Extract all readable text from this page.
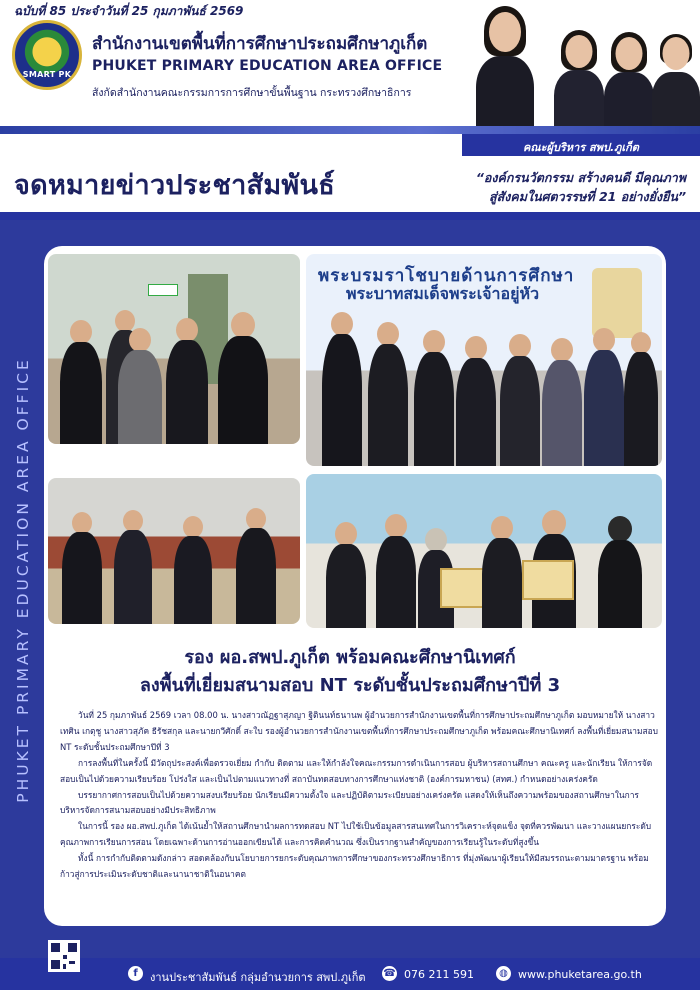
SMART PK
สำนักงานเขตพื้นที่การศึกษาประถมศึกษาภูเก็ต
PHUKET PRIMARY EDUCATION AREA OFFICE
สังกัดสำนักงานคณะกรรมการการศึกษาขั้นพื้นฐาน กระทรวงศึกษาธิการ
ฉบับที่ 85 ประจำวันที่ 25 กุมภาพันธ์ 2569
คณะผู้บริหาร สพป.ภูเก็ต
จดหมายข่าวประชาสัมพันธ์	“องค์กรนวัตกรรม สร้างคนดี มีคุณภาพ
สู่สังคมในศตวรรษที่ 21 อย่างยั่งยืน”
PHUKET PRIMARY EDUCATION AREA OFFICE
พระบรมราโชบายด้านการศึกษา
พระบาทสมเด็จพระเจ้าอยู่หัว
รอง ผอ.สพป.ภูเก็ต พร้อมคณะศึกษานิเทศก์
ลงพื้นที่เยี่ยมสนามสอบ NT ระดับชั้นประถมศึกษาปีที่ 3

วันที่ 25 กุมภาพันธ์ 2569 เวลา 08.00 น. นางสาวณัฏฐาสุภญา ฐิตินนท์ธนานพ ผู้อำนวยการสำนักงานเขตพื้นที่การศึกษาประถมศึกษาภูเก็ต มอบหมายให้ นางสาวเทศิน เกตุชู นางสาวสุภัค ธีรัชสกุล และนายกวีศักดิ์ สะใบ รองผู้อำนวยการสำนักงานเขตพื้นที่การศึกษาประถมศึกษาภูเก็ต พร้อมคณะศึกษานิเทศก์ ลงพื้นที่เยี่ยมสนามสอบ NT ระดับชั้นประถมศึกษาปีที่ 3

การลงพื้นที่ในครั้งนี้ มีวัตถุประสงค์เพื่อตรวจเยี่ยม กำกับ ติดตาม และให้กำลังใจคณะกรรมการดำเนินการสอบ ผู้บริหารสถานศึกษา คณะครู และนักเรียน ให้การจัดสอบเป็นไปด้วยความเรียบร้อย โปร่งใส และเป็นไปตามแนวทางที่ สถาบันทดสอบทางการศึกษาแห่งชาติ (องค์การมหาชน) (สทศ.) กำหนดอย่างเคร่งครัด

บรรยากาศการสอบเป็นไปด้วยความสงบเรียบร้อย นักเรียนมีความตั้งใจ และปฏิบัติตามระเบียบอย่างเคร่งครัด แสดงให้เห็นถึงความพร้อมของสถานศึกษาในการบริหารจัดการสนามสอบอย่างมีประสิทธิภาพ

ในการนี้ รอง ผอ.สพป.ภูเก็ต ได้เน้นย้ำให้สถานศึกษานำผลการทดสอบ NT ไปใช้เป็นข้อมูลสารสนเทศในการวิเคราะห์จุดแข็ง จุดที่ควรพัฒนา และวางแผนยกระดับคุณภาพการเรียนการสอน โดยเฉพาะด้านการอ่านออกเขียนได้ และการคิดคำนวณ ซึ่งเป็นรากฐานสำคัญของการเรียนรู้ในระดับที่สูงขึ้น

ทั้งนี้ การกำกับติดตามดังกล่าว สอดคล้องกับนโยบายการยกระดับคุณภาพการศึกษาของกระทรวงศึกษาธิการ ที่มุ่งพัฒนาผู้เรียนให้มีสมรรถนะตามมาตรฐาน พร้อมก้าวสู่การประเมินระดับชาติและนานาชาติในอนาคต

f	งานประชาสัมพันธ์ กลุ่มอำนวยการ สพป.ภูเก็ต ☎ 076 211 591	◍ www.phuketarea.go.th
